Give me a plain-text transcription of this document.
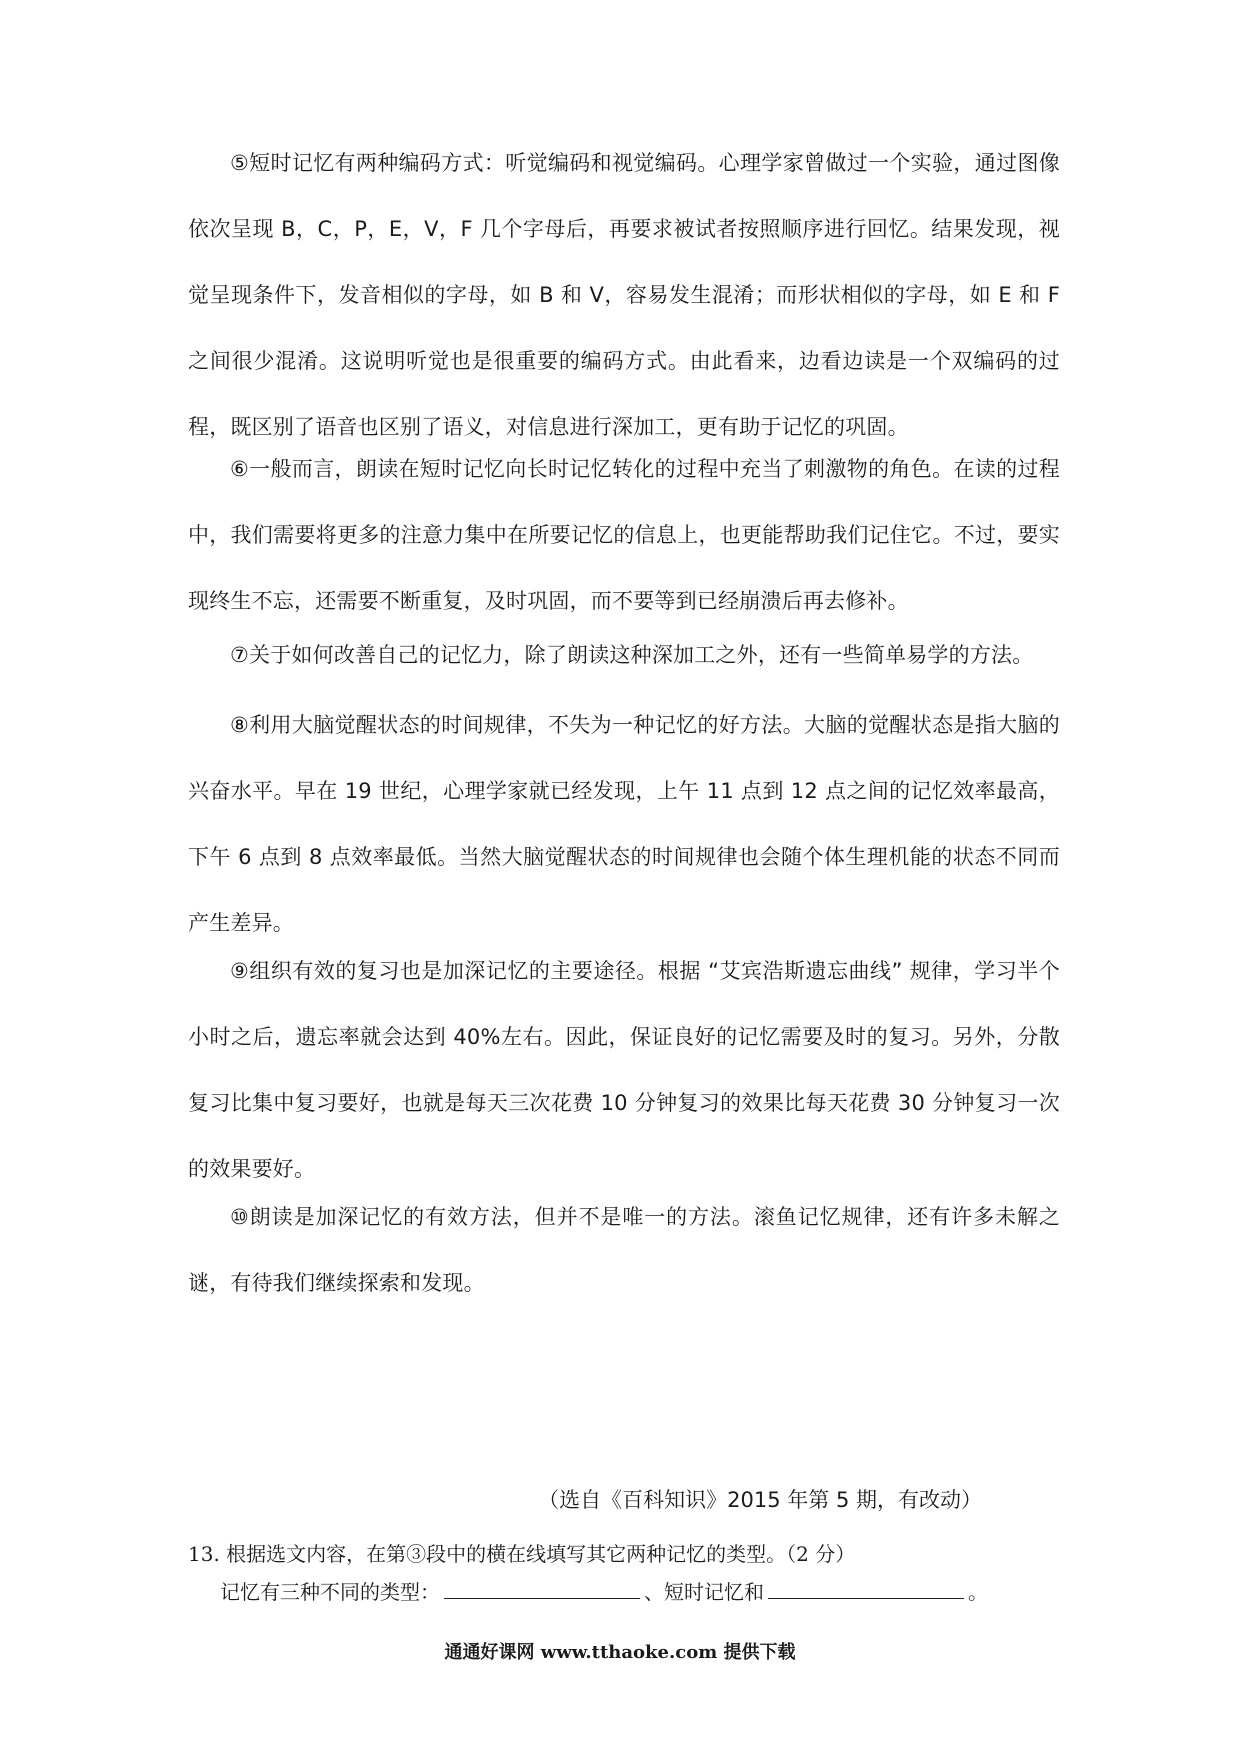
⑤短时记忆有两种编码方式：听觉编码和视觉编码。心理学家曾做过一个实验，通过图像依次呈现 B，C，P，E，V，F 几个字母后，再要求被试者按照顺序进行回忆。结果发现，视觉呈现条件下，发音相似的字母，如 B 和 V，容易发生混淆；而形状相似的字母，如 E 和 F 之间很少混淆。这说明听觉也是很重要的编码方式。由此看来，边看边读是一个双编码的过程，既区别了语音也区别了语义，对信息进行深加工，更有助于记忆的巩固。

⑥一般而言，朗读在短时记忆向长时记忆转化的过程中充当了刺激物的角色。在读的过程中，我们需要将更多的注意力集中在所要记忆的信息上，也更能帮助我们记住它。不过，要实现终生不忘，还需要不断重复，及时巩固，而不要等到已经崩溃后再去修补。

⑦关于如何改善自己的记忆力，除了朗读这种深加工之外，还有一些简单易学的方法。

⑧利用大脑觉醒状态的时间规律，不失为一种记忆的好方法。大脑的觉醒状态是指大脑的兴奋水平。早在 19 世纪，心理学家就已经发现，上午 11 点到 12 点之间的记忆效率最高，下午 6 点到 8 点效率最低。当然大脑觉醒状态的时间规律也会随个体生理机能的状态不同而产生差异。

⑨组织有效的复习也是加深记忆的主要途径。根据 “艾宾浩斯遗忘曲线” 规律，学习半个小时之后，遗忘率就会达到 40%左右。因此，保证良好的记忆需要及时的复习。另外，分散复习比集中复习要好，也就是每天三次花费 10 分钟复习的效果比每天花费 30 分钟复习一次的效果要好。

⑩朗读是加深记忆的有效方法，但并不是唯一的方法。滚鱼记忆规律，还有许多未解之谜，有待我们继续探索和发现。

（选自《百科知识》2015 年第 5 期，有改动）

13. 根据选文内容，在第③段中的横在线填写其它两种记忆的类型。（2 分）

记忆有三种不同的类型：	、短时记忆和	。

通通好课网 www.tthaoke.com 提供下载
